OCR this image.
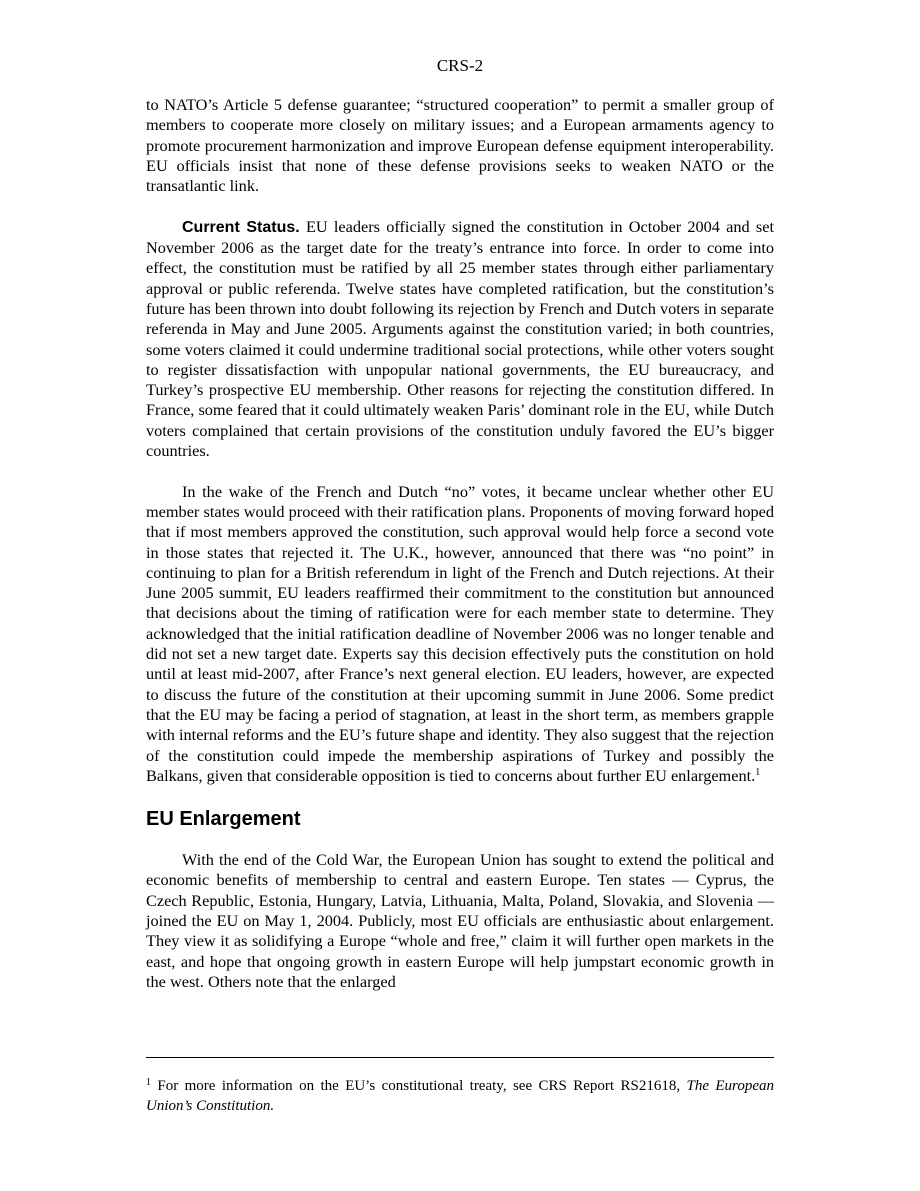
CRS-2

to NATO’s Article 5 defense guarantee; “structured cooperation” to permit a smaller group of members to cooperate more closely on military issues; and a European armaments agency to promote procurement harmonization and improve European defense equipment interoperability. EU officials insist that none of these defense provisions seeks to weaken NATO or the transatlantic link.

Current Status. EU leaders officially signed the constitution in October 2004 and set November 2006 as the target date for the treaty’s entrance into force. In order to come into effect, the constitution must be ratified by all 25 member states through either parliamentary approval or public referenda. Twelve states have completed ratification, but the constitution’s future has been thrown into doubt following its rejection by French and Dutch voters in separate referenda in May and June 2005. Arguments against the constitution varied; in both countries, some voters claimed it could undermine traditional social protections, while other voters sought to register dissatisfaction with unpopular national governments, the EU bureaucracy, and Turkey’s prospective EU membership. Other reasons for rejecting the constitution differed. In France, some feared that it could ultimately weaken Paris’ dominant role in the EU, while Dutch voters complained that certain provisions of the constitution unduly favored the EU’s bigger countries.

In the wake of the French and Dutch “no” votes, it became unclear whether other EU member states would proceed with their ratification plans. Proponents of moving forward hoped that if most members approved the constitution, such approval would help force a second vote in those states that rejected it. The U.K., however, announced that there was “no point” in continuing to plan for a British referendum in light of the French and Dutch rejections. At their June 2005 summit, EU leaders reaffirmed their commitment to the constitution but announced that decisions about the timing of ratification were for each member state to determine. They acknowledged that the initial ratification deadline of November 2006 was no longer tenable and did not set a new target date. Experts say this decision effectively puts the constitution on hold until at least mid-2007, after France’s next general election. EU leaders, however, are expected to discuss the future of the constitution at their upcoming summit in June 2006. Some predict that the EU may be facing a period of stagnation, at least in the short term, as members grapple with internal reforms and the EU’s future shape and identity. They also suggest that the rejection of the constitution could impede the membership aspirations of Turkey and possibly the Balkans, given that considerable opposition is tied to concerns about further EU enlargement.$^1$

EU Enlargement

With the end of the Cold War, the European Union has sought to extend the political and economic benefits of membership to central and eastern Europe. Ten states — Cyprus, the Czech Republic, Estonia, Hungary, Latvia, Lithuania, Malta, Poland, Slovakia, and Slovenia — joined the EU on May 1, 2004. Publicly, most EU officials are enthusiastic about enlargement. They view it as solidifying a Europe “whole and free,” claim it will further open markets in the east, and hope that ongoing growth in eastern Europe will help jumpstart economic growth in the west. Others note that the enlarged

$^1$ For more information on the EU’s constitutional treaty, see CRS Report RS21618, The European Union’s Constitution.
